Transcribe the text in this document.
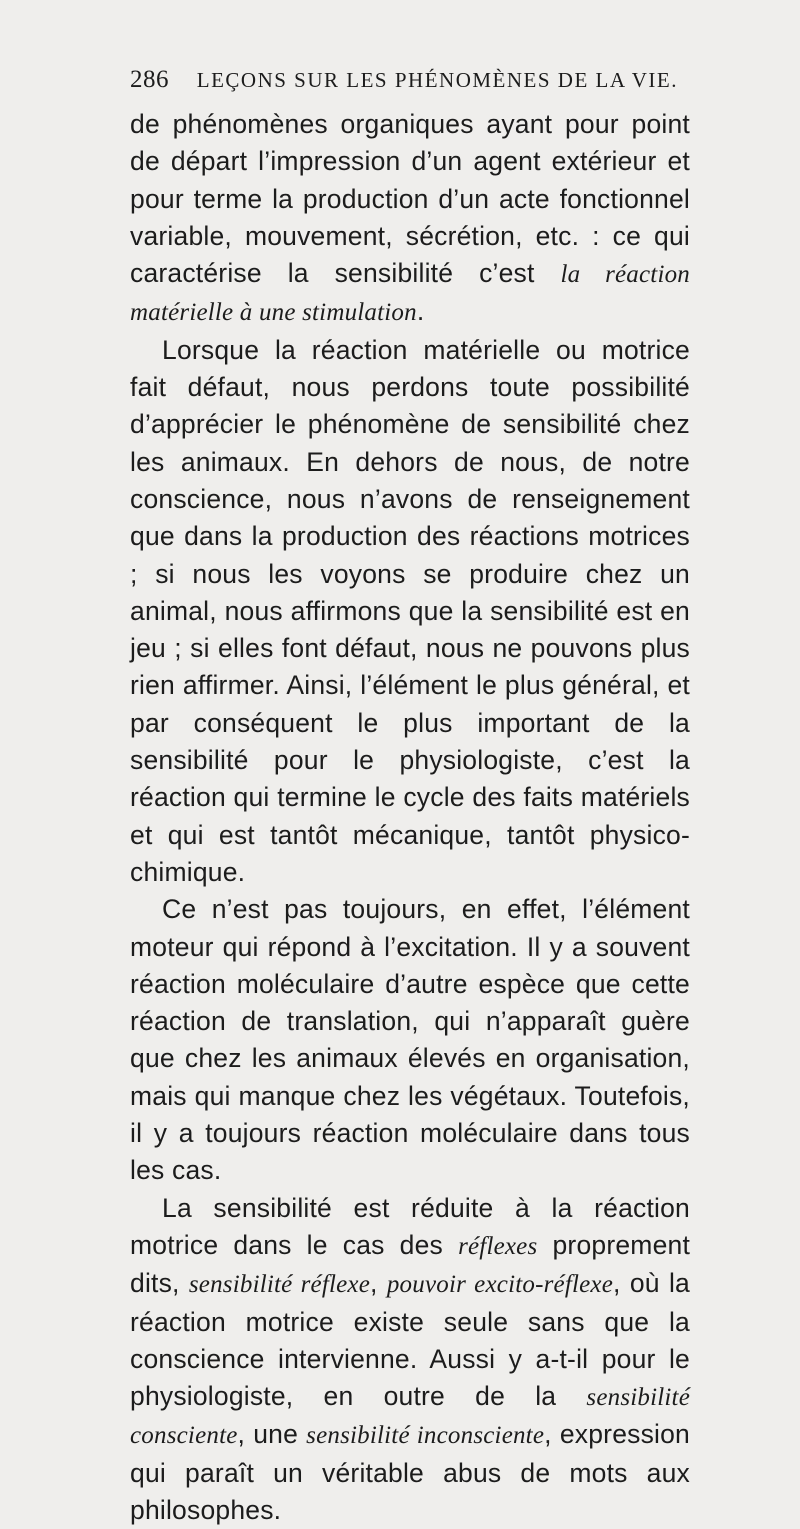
286 LEÇONS SUR LES PHÉNOMÈNES DE LA VIE.

de phénomènes organiques ayant pour point de départ l’impression d’un agent extérieur et pour terme la production d’un acte fonctionnel variable, mouvement, sécrétion, etc. : ce qui caractérise la sensibilité c’est la réaction matérielle à une stimulation.

Lorsque la réaction matérielle ou motrice fait défaut, nous perdons toute possibilité d’apprécier le phénomène de sensibilité chez les animaux. En dehors de nous, de notre conscience, nous n’avons de renseignement que dans la production des réactions motrices ; si nous les voyons se produire chez un animal, nous affirmons que la sensibilité est en jeu ; si elles font défaut, nous ne pouvons plus rien affirmer. Ainsi, l’élément le plus général, et par conséquent le plus important de la sensibilité pour le physiologiste, c’est la réaction qui termine le cycle des faits matériels et qui est tantôt mécanique, tantôt physico-chimique.

Ce n’est pas toujours, en effet, l’élément moteur qui répond à l’excitation. Il y a souvent réaction moléculaire d’autre espèce que cette réaction de translation, qui n’apparaît guère que chez les animaux élevés en organisation, mais qui manque chez les végétaux. Toutefois, il y a toujours réaction moléculaire dans tous les cas.

La sensibilité est réduite à la réaction motrice dans le cas des réflexes proprement dits, sensibilité réflexe, pouvoir excito-réflexe, où la réaction motrice existe seule sans que la conscience intervienne. Aussi y a-t-il pour le physiologiste, en outre de la sensibilité consciente, une sensibilité inconsciente, expression qui paraît un véritable abus de mots aux philosophes.
